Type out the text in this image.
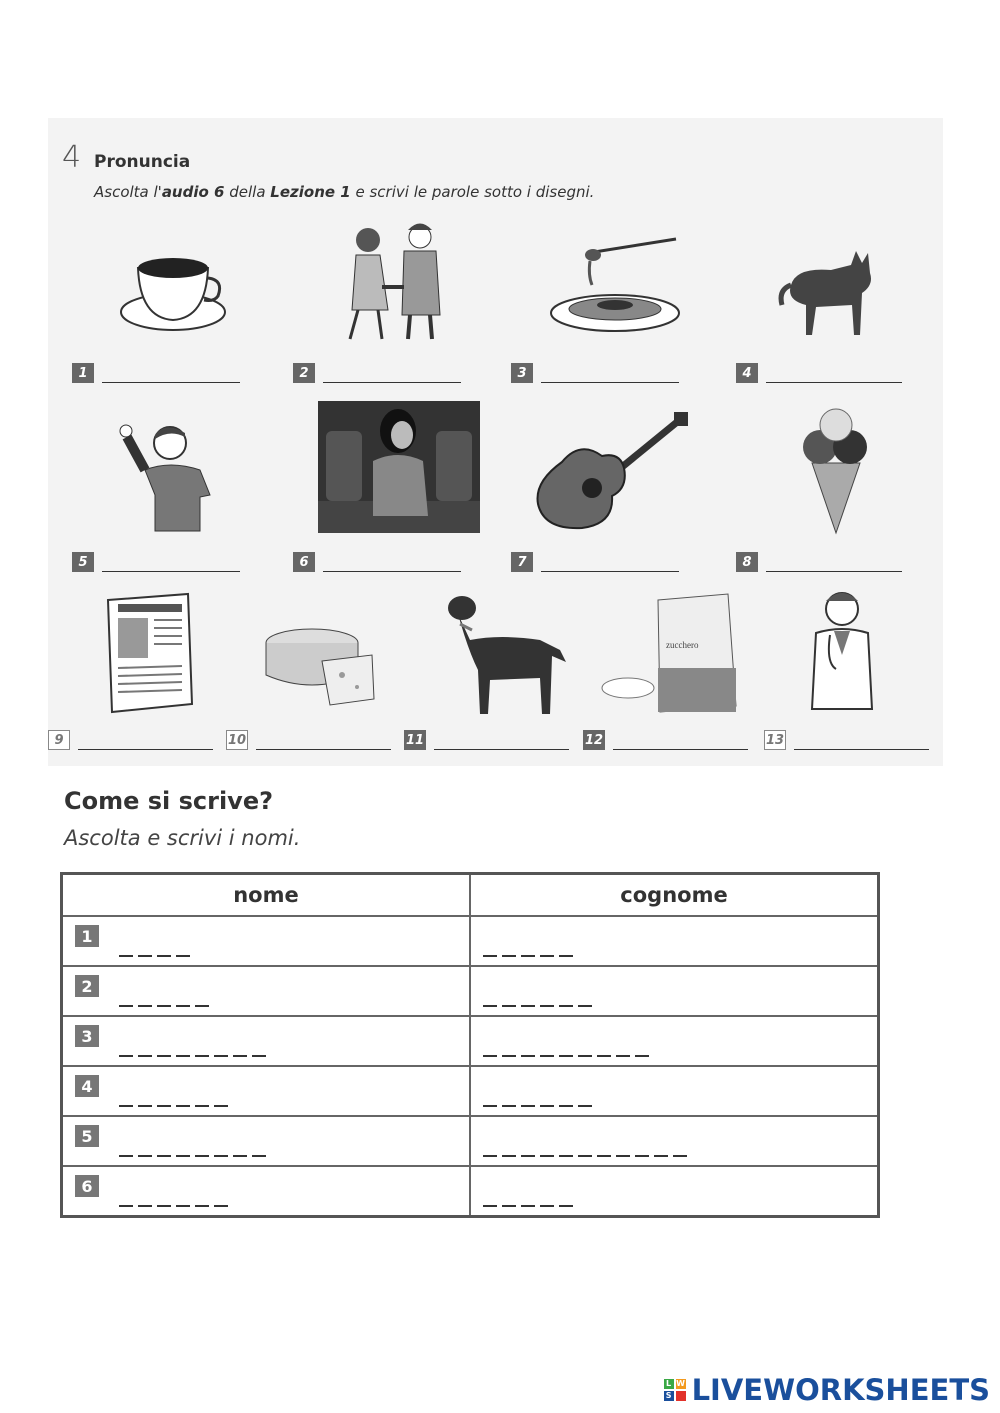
4 Pronuncia
Ascolta l'audio 6 della Lezione 1 e scrivi le parole sotto i disegni.
1	2	3	4
5	6	7	8
zucchero
9	10	11	12	13
Come si scrive?
Ascolta e scrivi i nomi.
nome	cognome

1	

2	

3	

4	

5	

6	

L W
S LIVEWORKSHEETS
